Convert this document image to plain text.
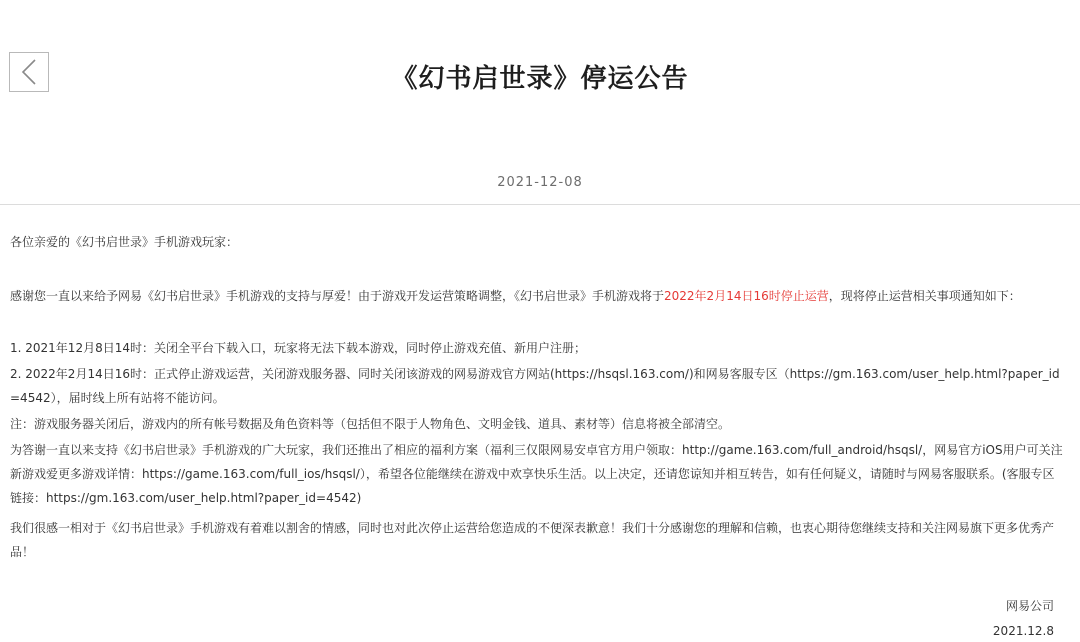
《幻书启世录》停运公告
2021-12-08

各位亲爱的《幻书启世录》手机游戏玩家：

感谢您一直以来给予网易《幻书启世录》手机游戏的支持与厚爱！由于游戏开发运营策略调整，《幻书启世录》手机游戏将于2022年2月14日16时停止运营，现将停止运营相关事项通知如下：

1. 2021年12月8日14时：关闭全平台下载入口，玩家将无法下载本游戏，同时停止游戏充值、新用户注册；

2. 2022年2月14日16时：正式停止游戏运营，关闭游戏服务器、同时关闭该游戏的网易游戏官方网站(https://hsqsl.163.com/)和网易客服专区（https://gm.163.com/user_help.html?paper_id=4542），届时线上所有站将不能访问。

注：游戏服务器关闭后，游戏内的所有帐号数据及角色资料等（包括但不限于人物角色、文明金钱、道具、素材等）信息将被全部清空。

为答谢一直以来支持《幻书启世录》手机游戏的广大玩家，我们还推出了相应的福利方案（福利三仅限网易安卓官方用户领取：http://game.163.com/full_android/hsqsl/，网易官方iOS用户可关注新游戏爱更多游戏详情：https://game.163.com/full_ios/hsqsl/），希望各位能继续在游戏中欢享快乐生活。以上决定，还请您谅知并相互转告，如有任何疑义，请随时与网易客服联系。(客服专区链接：https://gm.163.com/user_help.html?paper_id=4542)

我们很感一相对于《幻书启世录》手机游戏有着难以割舍的情感，同时也对此次停止运营给您造成的不便深表歉意！我们十分感谢您的理解和信赖，也衷心期待您继续支持和关注网易旗下更多优秀产品！

网易公司
2021.12.8
